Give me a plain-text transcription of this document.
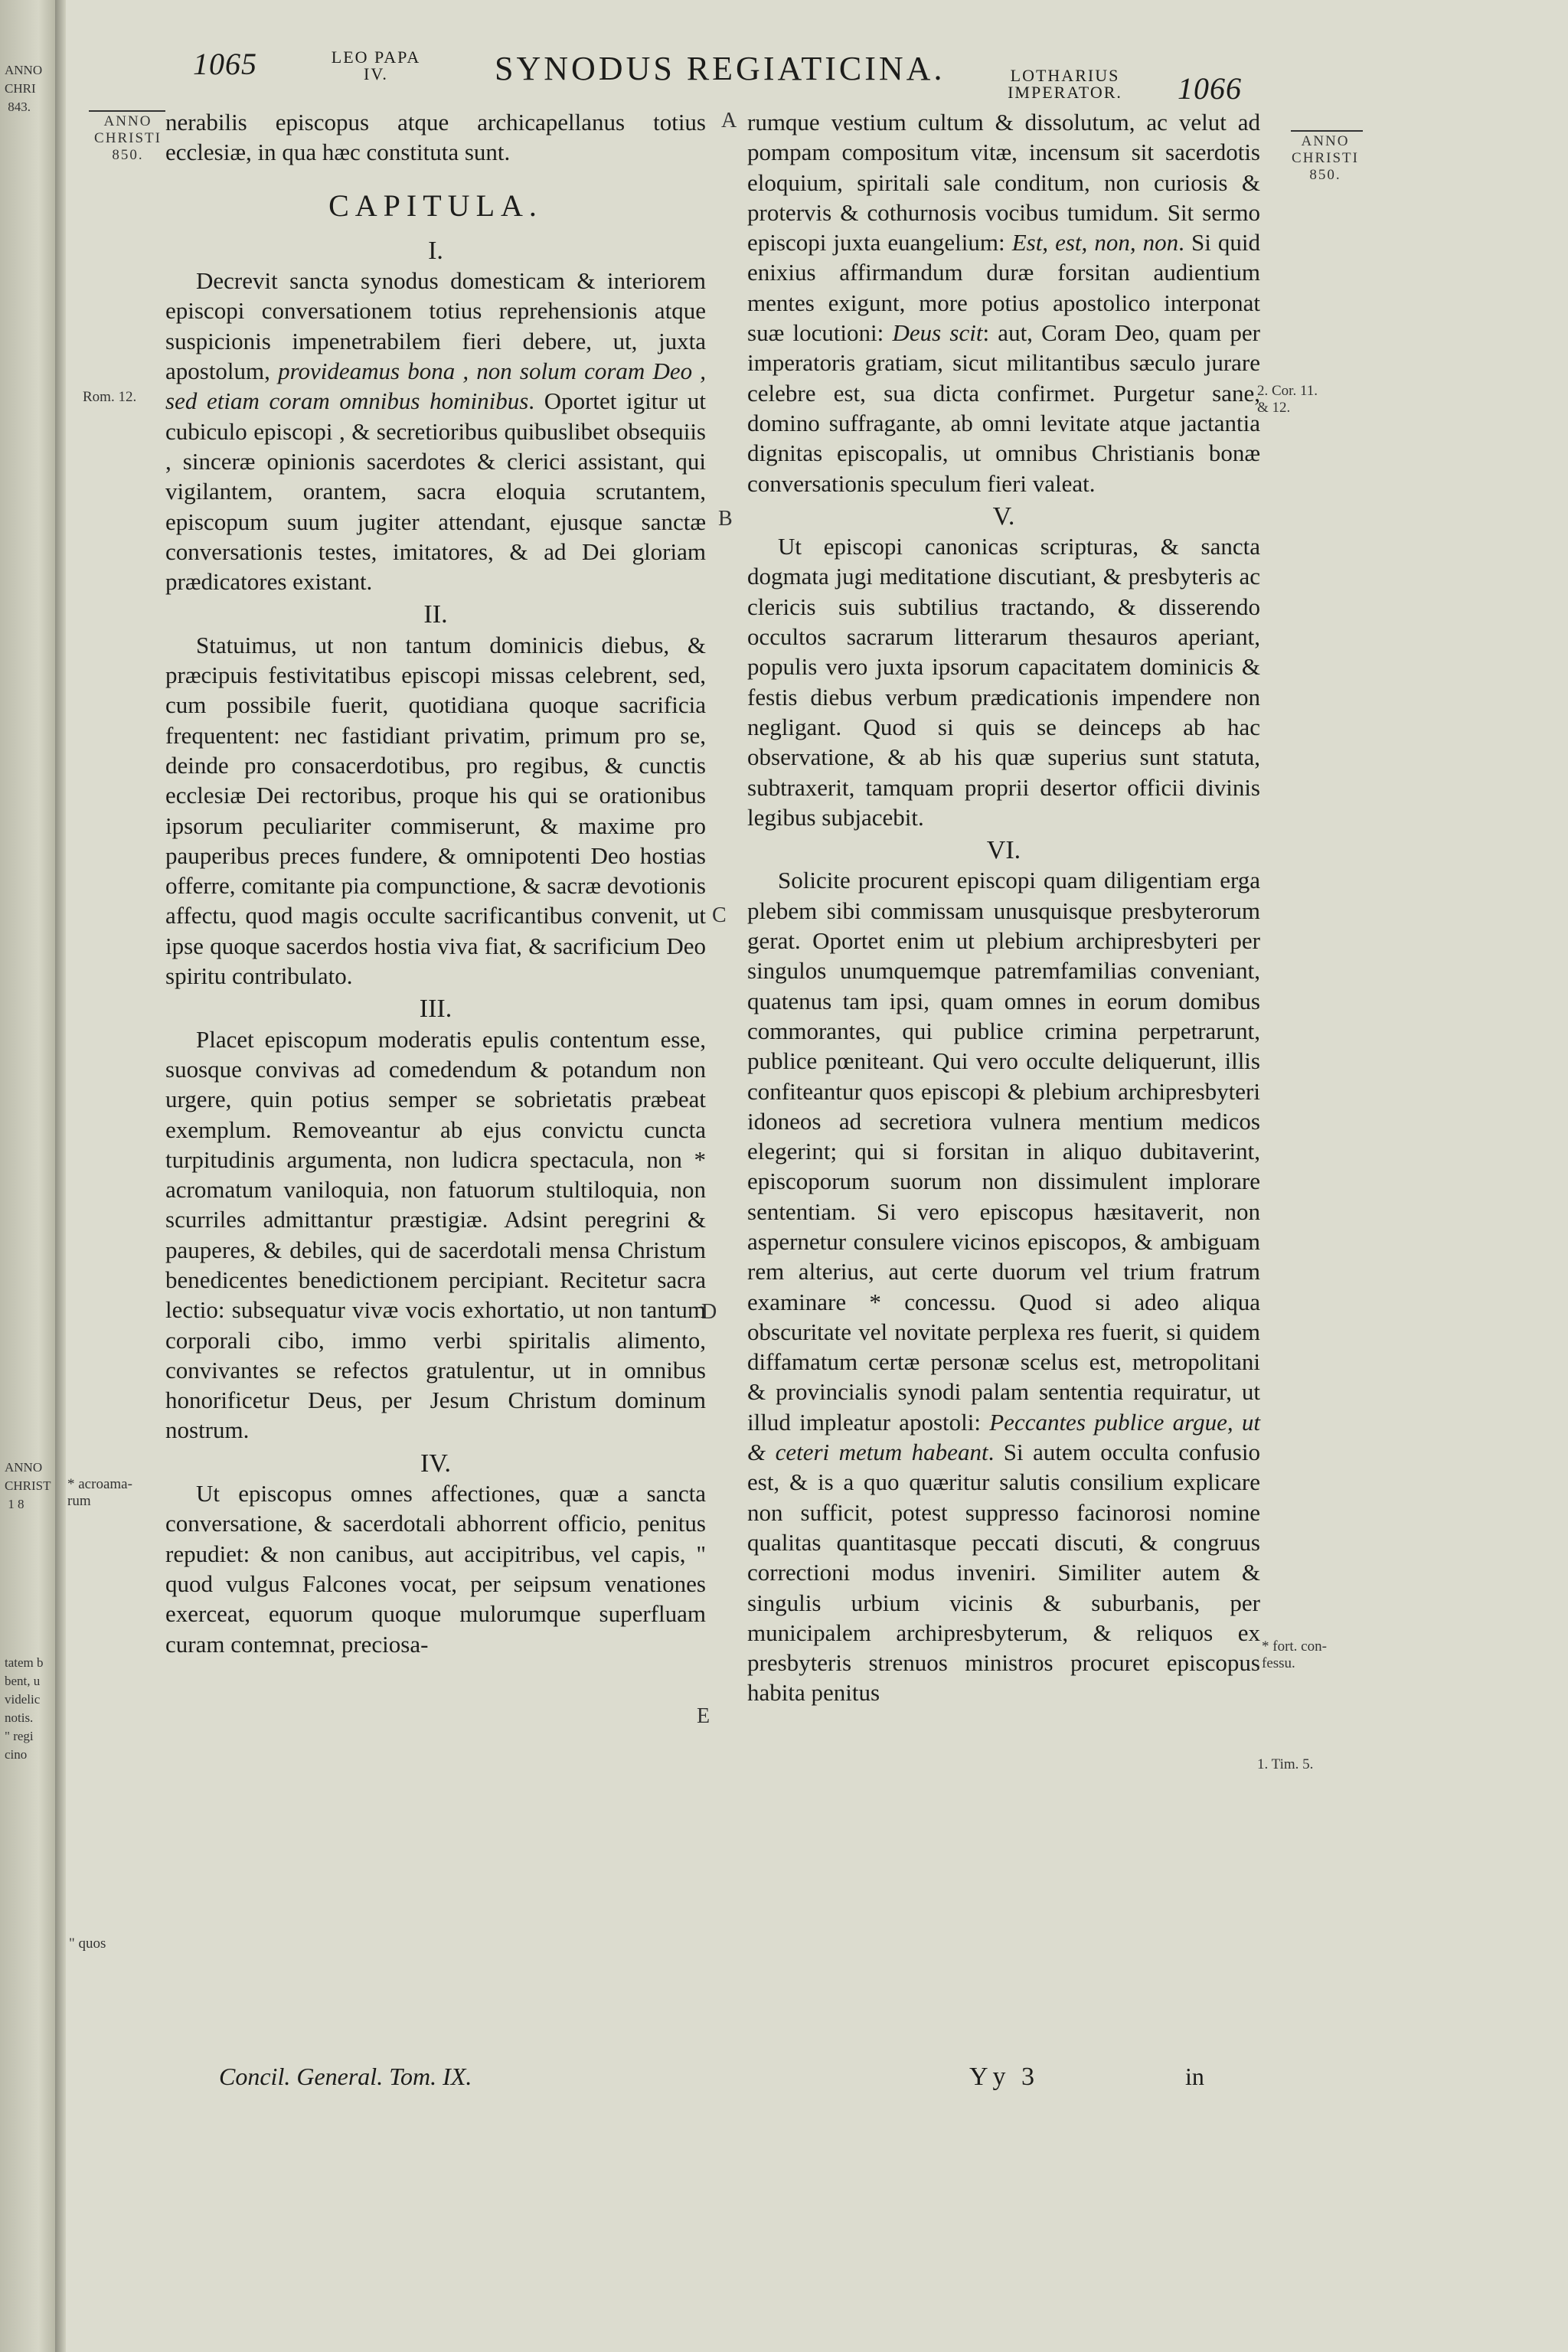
ANNO
CHRI
843.
ANNO
CHRIST
1 8
tatem b
bent, u
videlic
notis.
" regi
cino
1065	LEO PAPA
IV.	SYNODUS REGIATICINA.	LOTHARIUS
IMPERATOR.	1066
ANNO
CHRISTI
850.
ANNO
CHRISTI
850.
Rom. 12.
* acroama-
rum
" quos
2. Cor. 11.
& 12.
* fort. con-
fessu.
1. Tim. 5.
A
B
C
D
E

nerabilis episcopus atque archicapellanus totius ecclesiæ, in qua hæc constituta sunt.

CAPITULA.
I.

Decrevit sancta synodus domesticam & interiorem episcopi conversationem totius reprehensionis atque suspicionis impenetrabilem fieri debere, ut, juxta apostolum, provideamus bona , non solum coram Deo , sed etiam coram omnibus hominibus. Oportet igitur ut cubiculo episcopi , & secretioribus quibuslibet obsequiis , sinceræ opinionis sacerdotes & clerici assistant, qui vigilantem, orantem, sacra eloquia scrutantem, episcopum suum jugiter attendant, ejusque sanctæ conversationis testes, imitatores, & ad Dei gloriam prædicatores existant.

II.

Statuimus, ut non tantum dominicis diebus, & præcipuis festivitatibus episcopi missas celebrent, sed, cum possibile fuerit, quotidiana quoque sacrificia frequentent: nec fastidiant privatim, primum pro se, deinde pro consacerdotibus, pro regibus, & cunctis ecclesiæ Dei rectoribus, proque his qui se orationibus ipsorum peculiariter commiserunt, & maxime pro pauperibus preces fundere, & omnipotenti Deo hostias offerre, comitante pia compunctione, & sacræ devotionis affectu, quod magis occulte sacrificantibus convenit, ut ipse quoque sacerdos hostia viva fiat, & sacrificium Deo spiritu contribulato.

III.

Placet episcopum moderatis epulis contentum esse, suosque convivas ad comedendum & potandum non urgere, quin potius semper se sobrietatis præbeat exemplum. Removeantur ab ejus convictu cuncta turpitudinis argumenta, non ludicra spectacula, non * acromatum vaniloquia, non fatuorum stultiloquia, non scurriles admittantur præstigiæ. Adsint peregrini & pauperes, & debiles, qui de sacerdotali mensa Christum benedicentes benedictionem percipiant. Recitetur sacra lectio: subsequatur vivæ vocis exhortatio, ut non tantum corporali cibo, immo verbi spiritalis alimento, convivantes se refectos gratulentur, ut in omnibus honorificetur Deus, per Jesum Christum dominum nostrum.

IV.

Ut episcopus omnes affectiones, quæ a sancta conversatione, & sacerdotali abhorrent officio, penitus repudiet: & non canibus, aut accipitribus, vel capis, " quod vulgus Falcones vocat, per seipsum venationes exerceat, equorum quoque mulorumque superfluam curam contemnat, preciosa-

rumque vestium cultum & dissolutum, ac velut ad pompam compositum vitæ, incensum sit sacerdotis eloquium, spiritali sale conditum, non curiosis & protervis & cothurnosis vocibus tumidum. Sit sermo episcopi juxta euangelium: Est, est, non, non. Si quid enixius affirmandum duræ forsitan audientium mentes exigunt, more potius apostolico interponat suæ locutioni: Deus scit: aut, Coram Deo, quam per imperatoris gratiam, sicut militantibus sæculo jurare celebre est, sua dicta confirmet. Purgetur sane, domino suffragante, ab omni levitate atque jactantia dignitas episcopalis, ut omnibus Christianis bonæ conversationis speculum fieri valeat.

V.

Ut episcopi canonicas scripturas, & sancta dogmata jugi meditatione discutiant, & presbyteris ac clericis suis subtilius tractando, & disserendo occultos sacrarum litterarum thesauros aperiant, populis vero juxta ipsorum capacitatem dominicis & festis diebus verbum prædicationis impendere non negligant. Quod si quis se deinceps ab hac observatione, & ab his quæ superius sunt statuta, subtraxerit, tamquam proprii desertor officii divinis legibus subjacebit.

VI.

Solicite procurent episcopi quam diligentiam erga plebem sibi commissam unusquisque presbyterorum gerat. Oportet enim ut plebium archipresbyteri per singulos unumquemque patremfamilias conveniant, quatenus tam ipsi, quam omnes in eorum domibus commorantes, qui publice crimina perpetrarunt, publice pœniteant. Qui vero occulte deliquerunt, illis confiteantur quos episcopi & plebium archipresbyteri idoneos ad secretiora vulnera mentium medicos elegerint; qui si forsitan in aliquo dubitaverint, episcoporum suorum non dissimulent implorare sententiam. Si vero episcopus hæsitaverit, non aspernetur consulere vicinos episcopos, & ambiguam rem alterius, aut certe duorum vel trium fratrum examinare * concessu. Quod si adeo aliqua obscuritate vel novitate perplexa res fuerit, si quidem diffamatum certæ personæ scelus est, metropolitani & provincialis synodi palam sententia requiratur, ut illud impleatur apostoli: Peccantes publice argue, ut & ceteri metum habeant. Si autem occulta confusio est, & is a quo quæritur salutis consilium explicare non sufficit, potest suppresso facinorosi nomine qualitas quantitasque peccati discuti, & congruus correctioni modus inveniri. Similiter autem & singulis urbium vicinis & suburbanis, per municipalem archipresbyterum, & reliquos ex presbyteris strenuos ministros procuret episcopus habita penitus

Concil. General. Tom. IX.	Yy 3	in
